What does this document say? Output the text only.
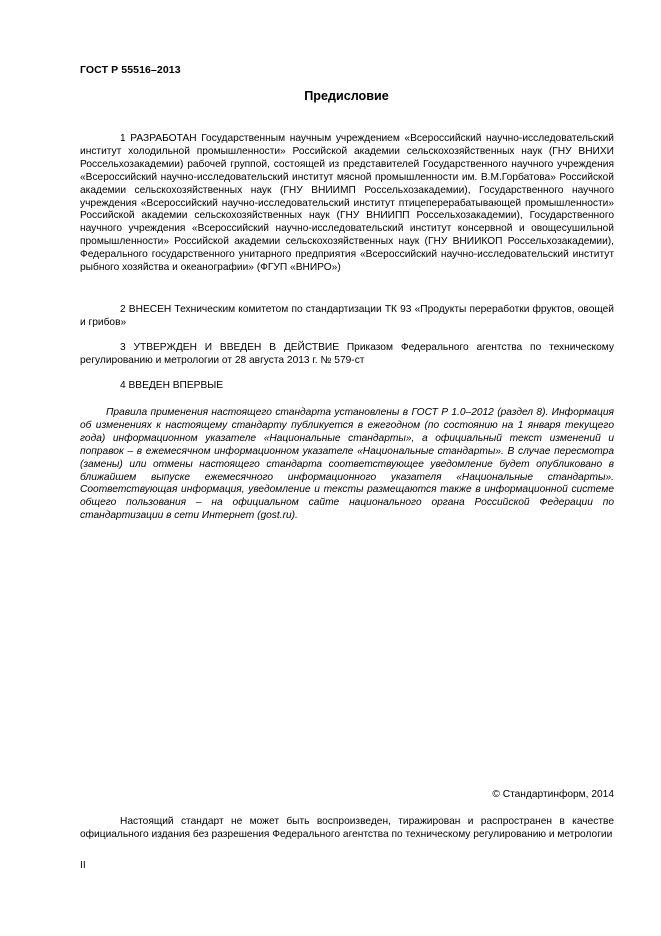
ГОСТ Р 55516–2013
Предисловие

1 РАЗРАБОТАН Государственным научным учреждением «Всероссийский научно-исследовательский институт холодильной промышленности» Российской академии сельскохозяйственных наук (ГНУ ВНИХИ Россельхозакадемии) рабочей группой, состоящей из представителей Государственного научного учреждения «Всероссийский научно-исследовательский институт мясной промышленности им. В.М.Горбатова» Российской академии сельскохозяйственных наук (ГНУ ВНИИМП Россельхозакадемии), Государственного научного учреждения «Всероссийский научно-исследовательский институт птицеперерабатывающей промышленности» Российской академии сельскохозяйственных наук (ГНУ ВНИИПП Россельхозакадемии), Государственного научного учреждения «Всероссийский научно-исследовательский институт консервной и овощесушильной промышленности» Российской академии сельскохозяйственных наук (ГНУ ВНИИКОП Россельхозакадемии), Федерального государственного унитарного предприятия «Всероссийский научно-исследовательский институт рыбного хозяйства и океанографии» (ФГУП «ВНИРО»)

2 ВНЕСЕН Техническим комитетом по стандартизации ТК 93 «Продукты переработки фруктов, овощей и грибов»

3 УТВЕРЖДЕН И ВВЕДЕН В ДЕЙСТВИЕ Приказом Федерального агентства по техническому регулированию и метрологии от 28 августа 2013 г. № 579-ст

4 ВВЕДЕН ВПЕРВЫЕ

Правила применения настоящего стандарта установлены в ГОСТ Р 1.0–2012 (раздел 8). Информация об изменениях к настоящему стандарту публикуется в ежегодном (по состоянию на 1 января текущего года) информационном указателе «Национальные стандарты», а официальный текст изменений и поправок – в ежемесячном информационном указателе «Национальные стандарты». В случае пересмотра (замены) или отмены настоящего стандарта соответствующее уведомление будет опубликовано в ближайшем выпуске ежемесячного информационного указателя «Национальные стандарты». Соответствующая информация, уведомление и тексты размещаются также в информационной системе общего пользования – на официальном сайте национального органа Российской Федерации по стандартизации в сети Интернет (gost.ru).

© Стандартинформ, 2014

Настоящий стандарт не может быть воспроизведен, тиражирован и распространен в качестве официального издания без разрешения Федерального агентства по техническому регулированию и метрологии

II
